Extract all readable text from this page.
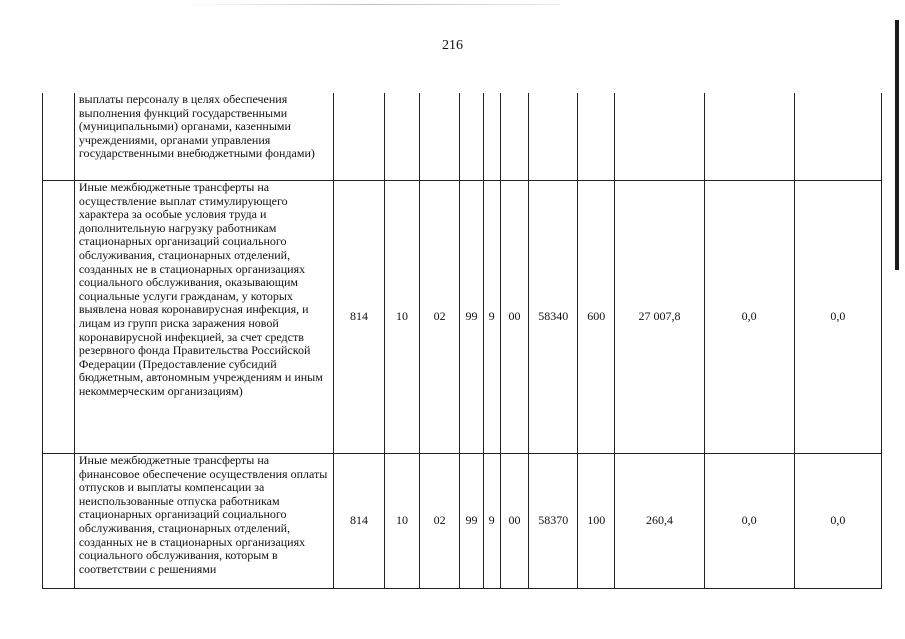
216

	выплаты персоналу в целях обеспечения выполнения функций государственными (муниципальными) органами, казенными учреждениями, органами управления государственными внебюджетными фондами)											

	Иные межбюджетные трансферты на осуществление выплат стимулирующего характера за особые условия труда и дополнительную нагрузку работникам стационарных организаций социального обслуживания, стационарных отделений, созданных не в стационарных организациях социального обслуживания, оказывающим социальные услуги гражданам, у которых выявлена новая коронавирусная инфекция, и лицам из групп риска заражения новой коронавирусной инфекцией, за счет средств резервного фонда Правительства Российской Федерации (Предоставление субсидий бюджетным, автономным учреждениям и иным некоммерческим организациям)	814	10	02	99	9	00	58340	600	27 007,8	0,0	0,0

	Иные межбюджетные трансферты на финансовое обеспечение осуществления оплаты отпусков и выплаты компенсации за неиспользованные отпуска работникам стационарных организаций социального обслуживания, стационарных отделений, созданных не в стационарных организациях социального обслуживания, которым в соответствии с решениями	814	10	02	99	9	00	58370	100	260,4	0,0	0,0
